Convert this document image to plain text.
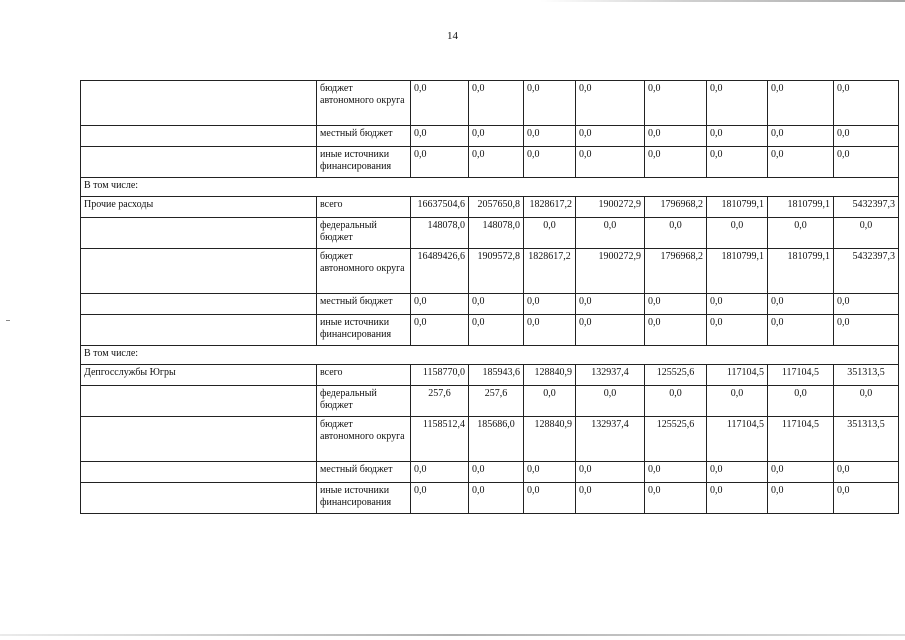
14
	бюджет автономного округа	0,0	0,0	0,0	0,0	0,0	0,0	0,0	0,0
	местный бюджет	0,0	0,0	0,0	0,0	0,0	0,0	0,0	0,0
	иные источники финансирования	0,0	0,0	0,0	0,0	0,0	0,0	0,0	0,0
В том числе:									
Прочие расходы	всего	16637504,6	2057650,8	1828617,2	1900272,9	1796968,2	1810799,1	1810799,1	5432397,3
	федеральный бюджет	148078,0	148078,0	0,0	0,0	0,0	0,0	0,0	0,0
	бюджет автономного округа	16489426,6	1909572,8	1828617,2	1900272,9	1796968,2	1810799,1	1810799,1	5432397,3
	местный бюджет	0,0	0,0	0,0	0,0	0,0	0,0	0,0	0,0
	иные источники финансирования	0,0	0,0	0,0	0,0	0,0	0,0	0,0	0,0
В том числе:									
Депгосслужбы Югры	всего	1158770,0	185943,6	128840,9	132937,4	125525,6	117104,5	117104,5	351313,5
	федеральный бюджет	257,6	257,6	0,0	0,0	0,0	0,0	0,0	0,0
	бюджет автономного округа	1158512,4	185686,0	128840,9	132937,4	125525,6	117104,5	117104,5	351313,5
	местный бюджет	0,0	0,0	0,0	0,0	0,0	0,0	0,0	0,0
	иные источники финансирования	0,0	0,0	0,0	0,0	0,0	0,0	0,0	0,0
